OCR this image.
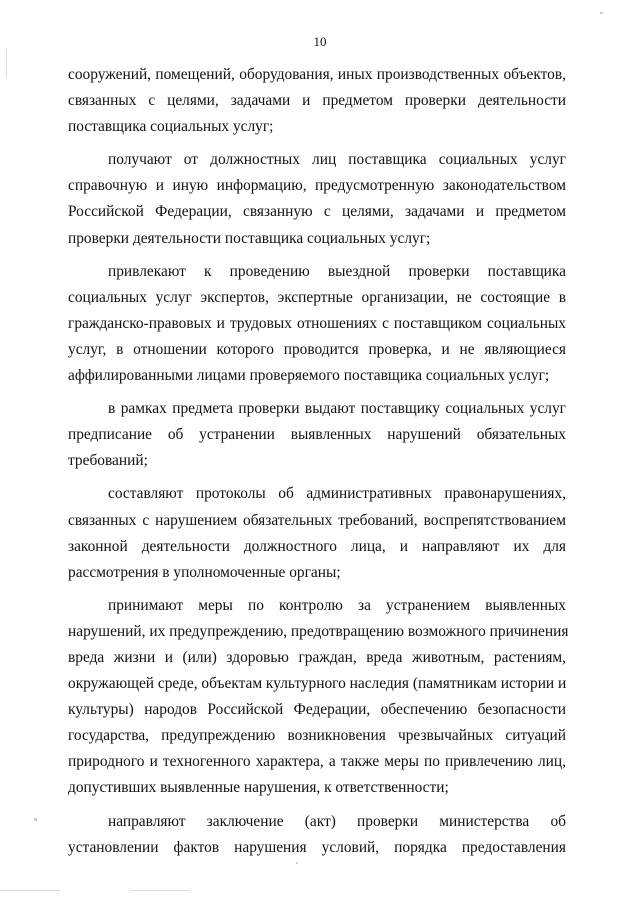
10
сооружений, помещений, оборудования, иных производственных объектов,
связанных с целями, задачами и предметом проверки деятельности
поставщика социальных услуг;
получают от должностных лиц поставщика социальных услуг
справочную и иную информацию, предусмотренную законодательством
Российской Федерации, связанную с целями, задачами и предметом
проверки деятельности поставщика социальных услуг;
привлекают к проведению выездной проверки поставщика
социальных услуг экспертов, экспертные организации, не состоящие в
гражданско-правовых и трудовых отношениях с поставщиком социальных
услуг, в отношении которого проводится проверка, и не являющиеся
аффилированными лицами проверяемого поставщика социальных услуг;
в рамках предмета проверки выдают поставщику социальных услуг
предписание об устранении выявленных нарушений обязательных
требований;
составляют протоколы об административных правонарушениях,
связанных с нарушением обязательных требований, воспрепятствованием
законной деятельности должностного лица, и направляют их для
рассмотрения в уполномоченные органы;
принимают меры по контролю за устранением выявленных
нарушений, их предупреждению, предотвращению возможного причинения
вреда жизни и (или) здоровью граждан, вреда животным, растениям,
окружающей среде, объектам культурного наследия (памятникам истории и
культуры) народов Российской Федерации, обеспечению безопасности
государства, предупреждению возникновения чрезвычайных ситуаций
природного и техногенного характера, а также меры по привлечению лиц,
допустивших выявленные нарушения, к ответственности;
направляют заключение (акт) проверки министерства об
установлении фактов нарушения условий, порядка предоставления
